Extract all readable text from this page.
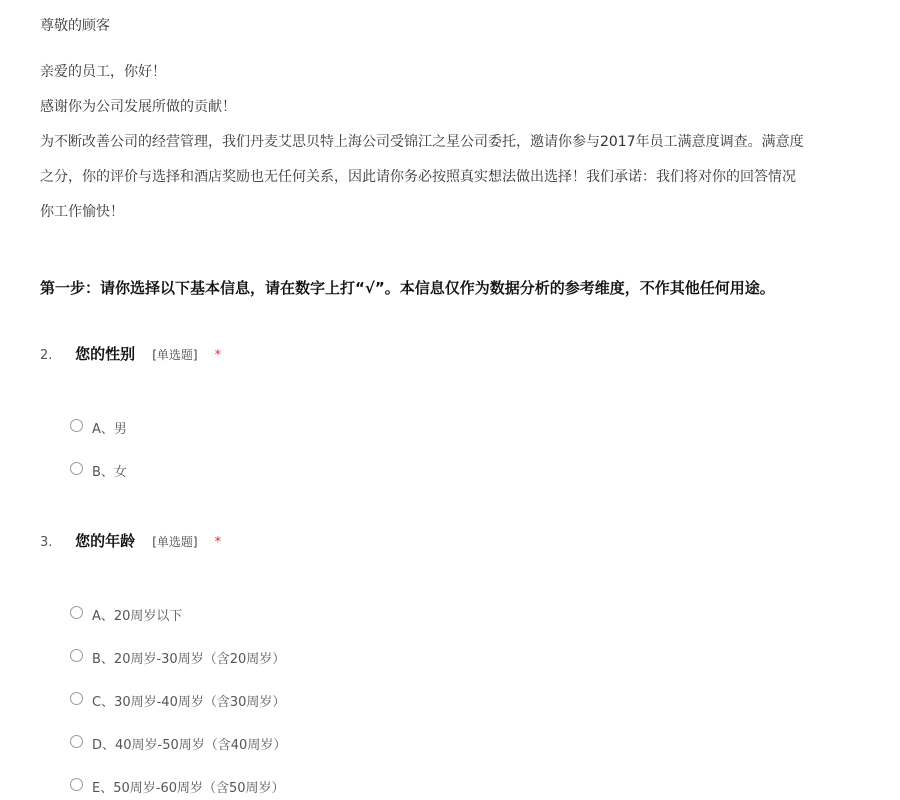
尊敬的顾客

亲爱的员工，你好！

感谢你为公司发展所做的贡献！

为不断改善公司的经营管理，我们丹麦艾思贝特上海公司受锦江之星公司委托，邀请你参与2017年员工满意度调查。满意度

之分，你的评价与选择和酒店奖励也无任何关系，因此请你务必按照真实想法做出选择！我们承诺：我们将对你的回答情况

你工作愉快！

第一步：请你选择以下基本信息，请在数字上打“√”。本信息仅作为数据分析的参考维度，不作其他任何用途。
2. 您的性别 [单选题] *
A、男
B、女
3. 您的年龄 [单选题] *
A、20周岁以下
B、20周岁-30周岁（含20周岁）
C、30周岁-40周岁（含30周岁）
D、40周岁-50周岁（含40周岁）
E、50周岁-60周岁（含50周岁）
